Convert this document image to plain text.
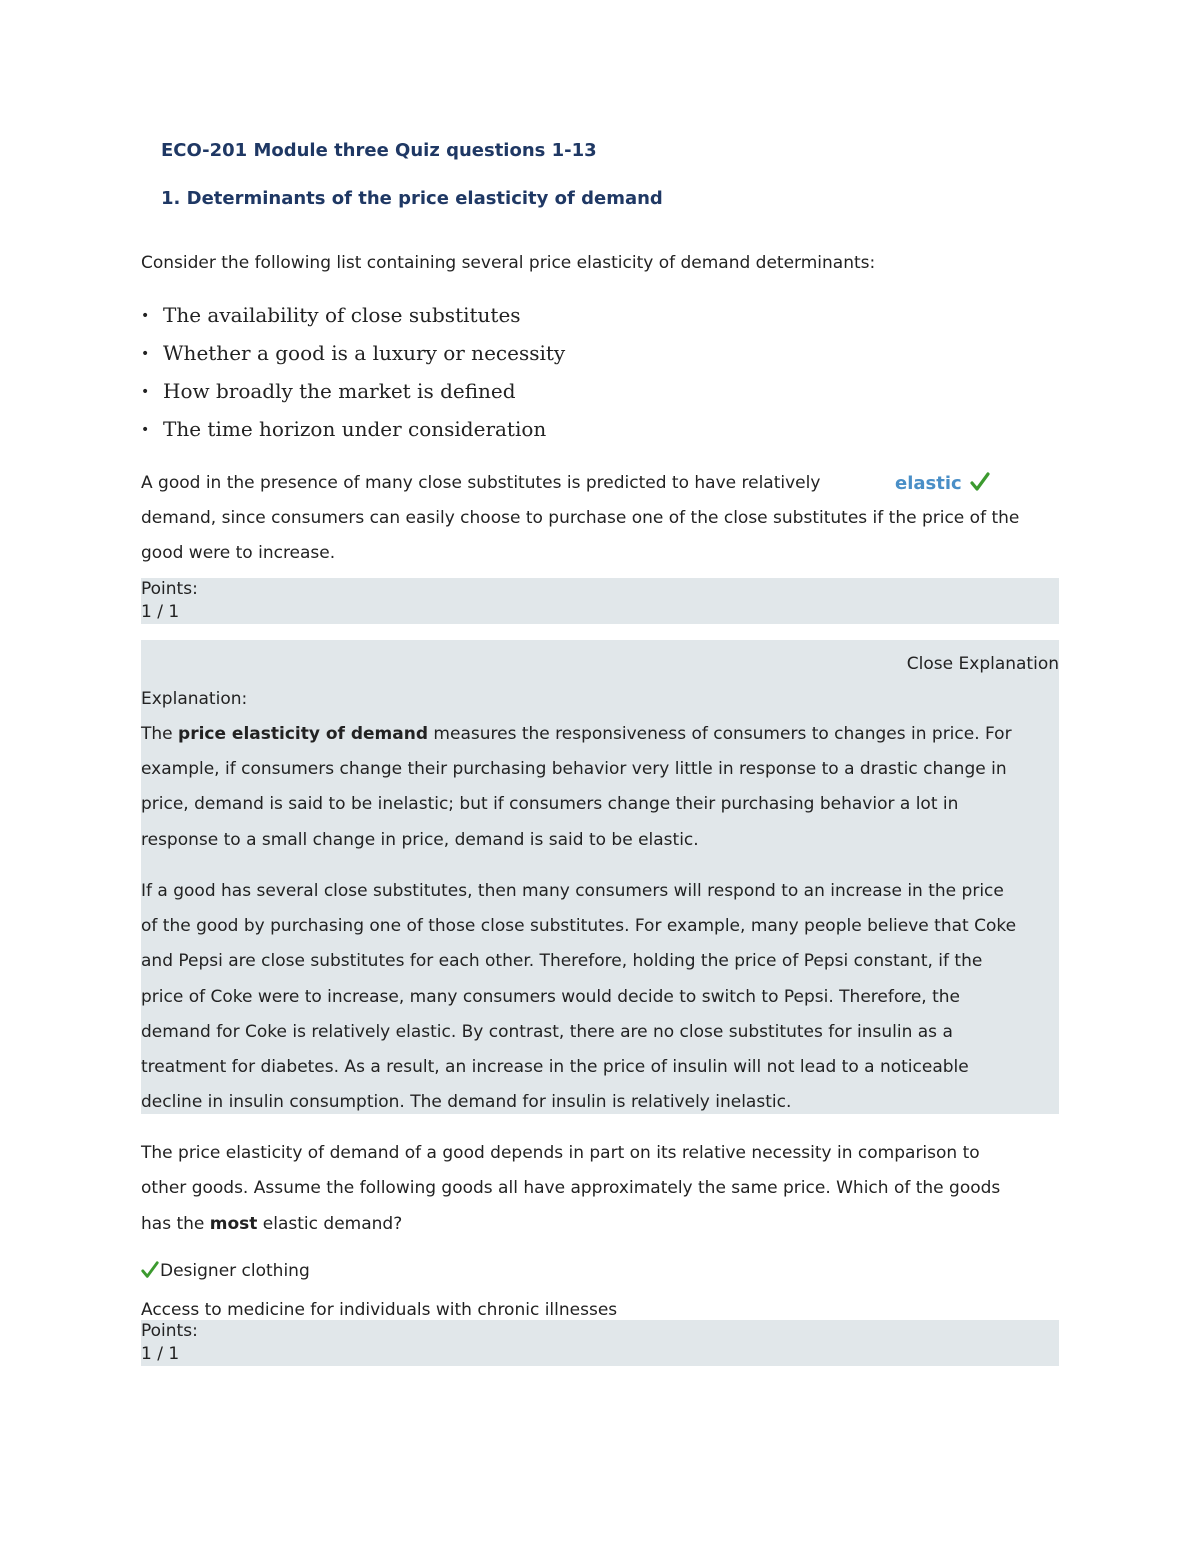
ECO-201 Module three Quiz questions 1-13
1. Determinants of the price elasticity of demand

Consider the following list containing several price elasticity of demand determinants:

• The availability of close substitutes
• Whether a good is a luxury or necessity
• How broadly the market is defined
• The time horizon under consideration
A good in the presence of many close substitutes is predicted to have relatively
demand, since consumers can easily choose to purchase one of the close substitutes if the price of the
good were to increase.
elastic
Points:
1 / 1
Close Explanation
Explanation:

The price elasticity of demand measures the responsiveness of consumers to changes in price. For
example, if consumers change their purchasing behavior very little in response to a drastic change in
price, demand is said to be inelastic; but if consumers change their purchasing behavior a lot in
response to a small change in price, demand is said to be elastic.

If a good has several close substitutes, then many consumers will respond to an increase in the price
of the good by purchasing one of those close substitutes. For example, many people believe that Coke
and Pepsi are close substitutes for each other. Therefore, holding the price of Pepsi constant, if the
price of Coke were to increase, many consumers would decide to switch to Pepsi. Therefore, the
demand for Coke is relatively elastic. By contrast, there are no close substitutes for insulin as a
treatment for diabetes. As a result, an increase in the price of insulin will not lead to a noticeable
decline in insulin consumption. The demand for insulin is relatively inelastic.

The price elasticity of demand of a good depends in part on its relative necessity in comparison to
other goods. Assume the following goods all have approximately the same price. Which of the goods
has the most elastic demand?

Designer clothing
Access to medicine for individuals with chronic illnesses
Points:
1 / 1
